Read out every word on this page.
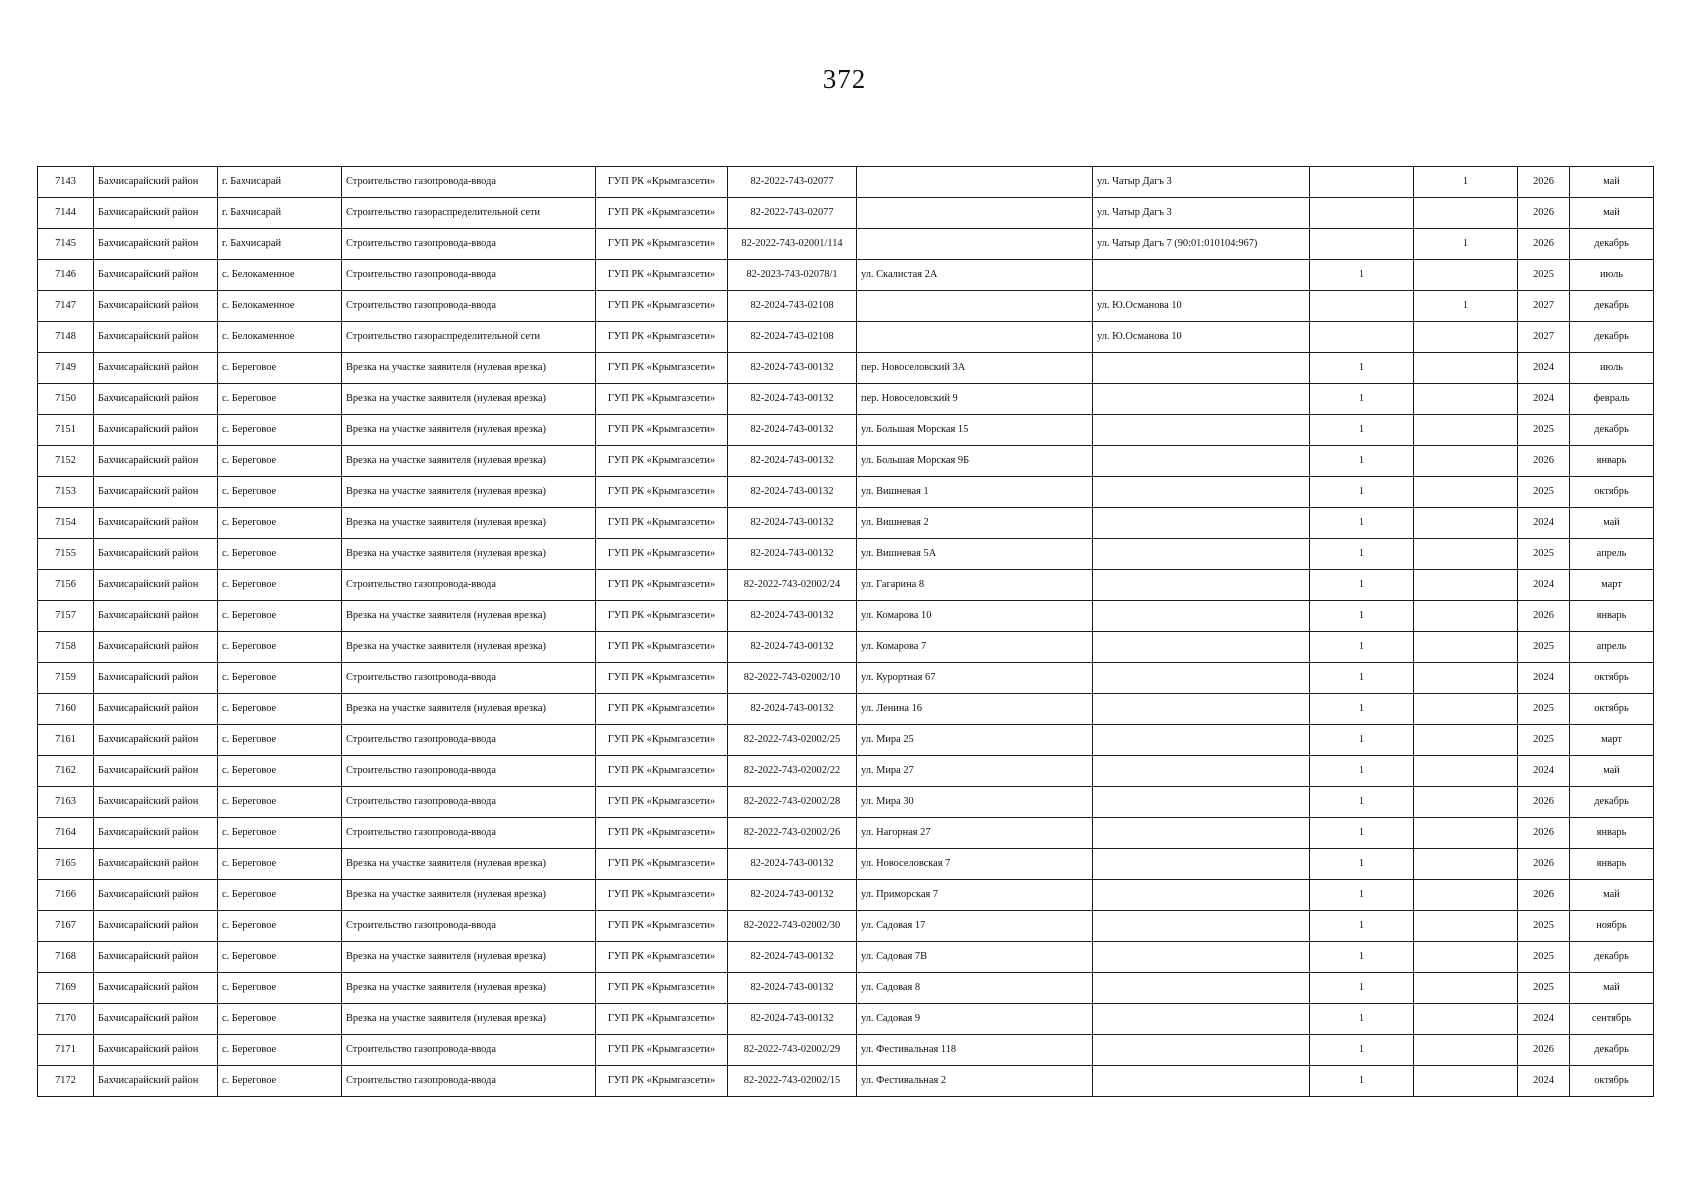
372
7143	Бахчисарайский район	г. Бахчисарай	Строительство газопровода-ввода	ГУП РК «Крымгазсети»	82-2022-743-02077		ул. Чатыр Дагъ 3		1	2026	май
7144	Бахчисарайский район	г. Бахчисарай	Строительство газораспределительной сети	ГУП РК «Крымгазсети»	82-2022-743-02077		ул. Чатыр Дагъ 3			2026	май
7145	Бахчисарайский район	г. Бахчисарай	Строительство газопровода-ввода	ГУП РК «Крымгазсети»	82-2022-743-02001/114		ул. Чатыр Дагъ 7 (90:01:010104:967)		1	2026	декабрь
7146	Бахчисарайский район	с. Белокаменное	Строительство газопровода-ввода	ГУП РК «Крымгазсети»	82-2023-743-02078/1	ул. Скалистая 2А		1		2025	июль
7147	Бахчисарайский район	с. Белокаменное	Строительство газопровода-ввода	ГУП РК «Крымгазсети»	82-2024-743-02108		ул. Ю.Османова 10		1	2027	декабрь
7148	Бахчисарайский район	с. Белокаменное	Строительство газораспределительной сети	ГУП РК «Крымгазсети»	82-2024-743-02108		ул. Ю.Османова 10			2027	декабрь
7149	Бахчисарайский район	с. Береговое	Врезка на участке заявителя (нулевая врезка)	ГУП РК «Крымгазсети»	82-2024-743-00132	пер. Новоселовский 3А		1		2024	июль
7150	Бахчисарайский район	с. Береговое	Врезка на участке заявителя (нулевая врезка)	ГУП РК «Крымгазсети»	82-2024-743-00132	пер. Новоселовский 9		1		2024	февраль
7151	Бахчисарайский район	с. Береговое	Врезка на участке заявителя (нулевая врезка)	ГУП РК «Крымгазсети»	82-2024-743-00132	ул. Большая Морская 15		1		2025	декабрь
7152	Бахчисарайский район	с. Береговое	Врезка на участке заявителя (нулевая врезка)	ГУП РК «Крымгазсети»	82-2024-743-00132	ул. Большая Морская 9Б		1		2026	январь
7153	Бахчисарайский район	с. Береговое	Врезка на участке заявителя (нулевая врезка)	ГУП РК «Крымгазсети»	82-2024-743-00132	ул. Вишневая 1		1		2025	октябрь
7154	Бахчисарайский район	с. Береговое	Врезка на участке заявителя (нулевая врезка)	ГУП РК «Крымгазсети»	82-2024-743-00132	ул. Вишневая 2		1		2024	май
7155	Бахчисарайский район	с. Береговое	Врезка на участке заявителя (нулевая врезка)	ГУП РК «Крымгазсети»	82-2024-743-00132	ул. Вишневая 5А		1		2025	апрель
7156	Бахчисарайский район	с. Береговое	Строительство газопровода-ввода	ГУП РК «Крымгазсети»	82-2022-743-02002/24	ул. Гагарина 8		1		2024	март
7157	Бахчисарайский район	с. Береговое	Врезка на участке заявителя (нулевая врезка)	ГУП РК «Крымгазсети»	82-2024-743-00132	ул. Комарова 10		1		2026	январь
7158	Бахчисарайский район	с. Береговое	Врезка на участке заявителя (нулевая врезка)	ГУП РК «Крымгазсети»	82-2024-743-00132	ул. Комарова 7		1		2025	апрель
7159	Бахчисарайский район	с. Береговое	Строительство газопровода-ввода	ГУП РК «Крымгазсети»	82-2022-743-02002/10	ул. Курортная 67		1		2024	октябрь
7160	Бахчисарайский район	с. Береговое	Врезка на участке заявителя (нулевая врезка)	ГУП РК «Крымгазсети»	82-2024-743-00132	ул. Ленина 16		1		2025	октябрь
7161	Бахчисарайский район	с. Береговое	Строительство газопровода-ввода	ГУП РК «Крымгазсети»	82-2022-743-02002/25	ул. Мира 25		1		2025	март
7162	Бахчисарайский район	с. Береговое	Строительство газопровода-ввода	ГУП РК «Крымгазсети»	82-2022-743-02002/22	ул. Мира 27		1		2024	май
7163	Бахчисарайский район	с. Береговое	Строительство газопровода-ввода	ГУП РК «Крымгазсети»	82-2022-743-02002/28	ул. Мира 30		1		2026	декабрь
7164	Бахчисарайский район	с. Береговое	Строительство газопровода-ввода	ГУП РК «Крымгазсети»	82-2022-743-02002/26	ул. Нагорная 27		1		2026	январь
7165	Бахчисарайский район	с. Береговое	Врезка на участке заявителя (нулевая врезка)	ГУП РК «Крымгазсети»	82-2024-743-00132	ул. Новоселовская 7		1		2026	январь
7166	Бахчисарайский район	с. Береговое	Врезка на участке заявителя (нулевая врезка)	ГУП РК «Крымгазсети»	82-2024-743-00132	ул. Приморская 7		1		2026	май
7167	Бахчисарайский район	с. Береговое	Строительство газопровода-ввода	ГУП РК «Крымгазсети»	82-2022-743-02002/30	ул. Садовая 17		1		2025	ноябрь
7168	Бахчисарайский район	с. Береговое	Врезка на участке заявителя (нулевая врезка)	ГУП РК «Крымгазсети»	82-2024-743-00132	ул. Садовая 7В		1		2025	декабрь
7169	Бахчисарайский район	с. Береговое	Врезка на участке заявителя (нулевая врезка)	ГУП РК «Крымгазсети»	82-2024-743-00132	ул. Садовая 8		1		2025	май
7170	Бахчисарайский район	с. Береговое	Врезка на участке заявителя (нулевая врезка)	ГУП РК «Крымгазсети»	82-2024-743-00132	ул. Садовая 9		1		2024	сентябрь
7171	Бахчисарайский район	с. Береговое	Строительство газопровода-ввода	ГУП РК «Крымгазсети»	82-2022-743-02002/29	ул. Фестивальная 118		1		2026	декабрь
7172	Бахчисарайский район	с. Береговое	Строительство газопровода-ввода	ГУП РК «Крымгазсети»	82-2022-743-02002/15	ул. Фестивальная 2		1		2024	октябрь
